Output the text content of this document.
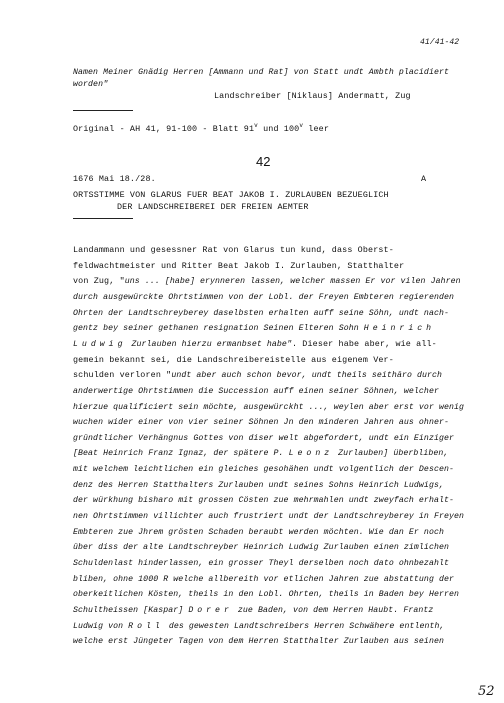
41/41-42
Namen Meiner Gnädig Herren [Ammann und Rat] von Statt undt Ambth placidiert
worden"
Landschreiber [Niklaus] Andermatt, Zug
Original - AH 41, 91-100 - Blatt 91$^v$ und 100$^v$ leer
42
1676 Mai 18./28.	A
ORTSSTIMME VON GLARUS FUER BEAT JAKOB I. ZURLAUBEN BEZUEGLICH
DER LANDSCHREIBEREI DER FREIEN AEMTER
Landammann und gesessner Rat von Glarus tun kund, dass Oberst-
feldwachtmeister und Ritter Beat Jakob I. Zurlauben, Statthalter
von Zug, "uns ... [habe] erynneren lassen, welcher massen Er vor vilen Jahren
durch ausgewürckte Ohrtstimmen von der Lobl. der Freyen Embteren regierenden
Ohrten der Landtschreyberey daselbsten erhalten auff seine Söhn, undt nach-
gentz bey seiner gethanen resignation Seinen Elteren Sohn Heinrich
Ludwig Zurlauben hierzu ermanbset habe". Dieser habe aber, wie all-
gemein bekannt sei, die Landschreibereistelle aus eigenem Ver-
schulden verloren "undt aber auch schon bevor, undt theils seithäro durch
anderwertige Ohrtstimmen die Succession auff einen seiner Söhnen, welcher
hierzue qualificiert sein möchte, ausgewürckht ..., weylen aber erst vor wenig
wuchen wider einer von vier seiner Söhnen Jn den minderen Jahren aus ohner-
gründtlicher Verhängnus Gottes von diser welt abgefordert, undt ein Einziger
[Beat Heinrich Franz Ignaz, der spätere P. Leonz Zurlauben] überbliben,
mit welchem leichtlichen ein gleiches gesohähen undt volgentlich der Descen-
denz des Herren Statthalters Zurlauben undt seines Sohns Heinrich Ludwigs,
der würkhung bisharo mit grossen Cösten zue mehrmahlen undt zweyfach erhalt-
nen Ohrtstimmen villichter auch frustriert undt der Landtschreyberey in Freyen
Embteren zue Jhrem grösten Schaden beraubt werden möchten. Wie dan Er noch
über diss der alte Landtschreyber Heinrich Ludwig Zurlauben einen zimlichen
Schuldenlast hinderlassen, ein grosser Theyl derselben noch dato ohnbezahlt
bliben, ohne 1000 R welche allbereith vor etlichen Jahren zue abstattung der
oberkeitlichen Kösten, theils in den Lobl. Ohrten, theils in Baden bey Herren
Schultheissen [Kaspar] Dorer zue Baden, von dem Herren Haubt. Frantz
Ludwig von Roll des gewesten Landtschreibers Herren Schwähere entlenth,
welche erst Jüngeter Tagen von dem Herren Statthalter Zurlauben aus seinen
52
